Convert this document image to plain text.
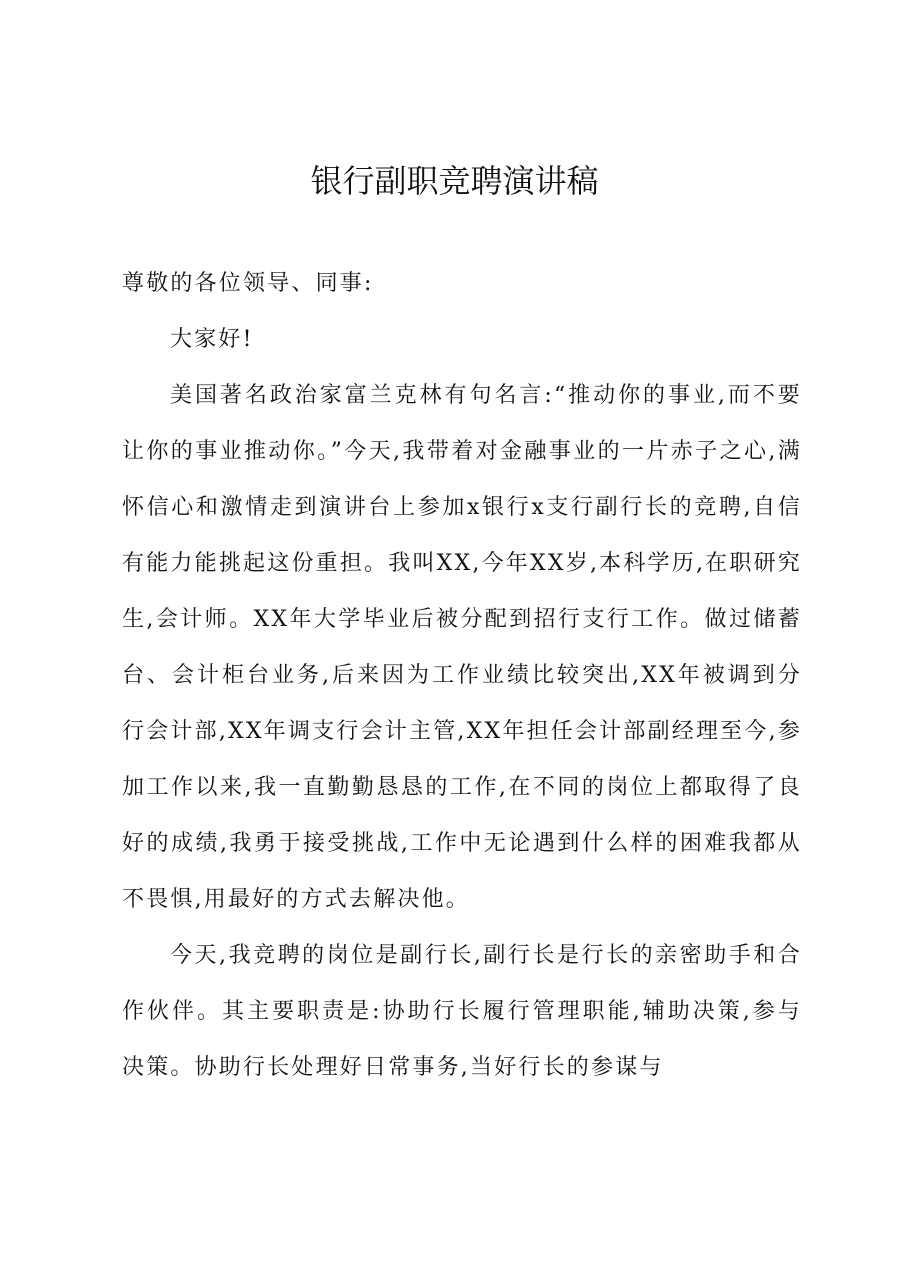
银行副职竞聘演讲稿

尊敬的各位领导、同事:

大家好!

美国著名政治家富兰克林有句名言:“推动你的事业,而不要让你的事业推动你。”今天,我带着对金融事业的一片赤子之心,满怀信心和激情走到演讲台上参加x银行x支行副行长的竞聘,自信有能力能挑起这份重担。我叫XX,今年XX岁,本科学历,在职研究生,会计师。XX年大学毕业后被分配到招行支行工作。做过储蓄台、会计柜台业务,后来因为工作业绩比较突出,XX年被调到分行会计部,XX年调支行会计主管,XX年担任会计部副经理至今,参加工作以来,我一直勤勤恳恳的工作,在不同的岗位上都取得了良好的成绩,我勇于接受挑战,工作中无论遇到什么样的困难我都从不畏惧,用最好的方式去解决他。

今天,我竞聘的岗位是副行长,副行长是行长的亲密助手和合作伙伴。其主要职责是:协助行长履行管理职能,辅助决策,参与决策。协助行长处理好日常事务,当好行长的参谋与
